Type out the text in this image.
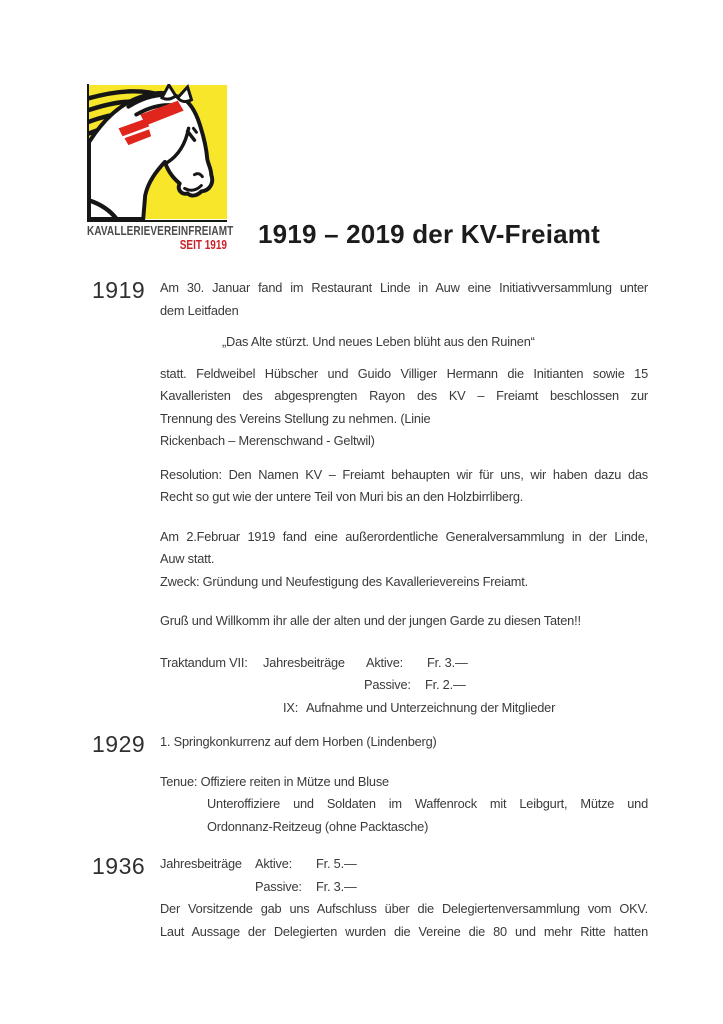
KAVALLERIEVEREIN FREIAMT
SEIT 1919 1919 – 2019 der KV-Freiamt
1919	Am 30. Januar fand im Restaurant Linde in Auw eine Initiativversammlung unter
dem Leitfaden
„Das Alte stürzt. Und neues Leben blüht aus den Ruinen“
statt. Feldweibel Hübscher und Guido Villiger Hermann die Initianten sowie 15
Kavalleristen des abgesprengten Rayon des KV – Freiamt beschlossen zur
Trennung des Vereins Stellung zu nehmen. (Linie
Rickenbach – Merenschwand - Geltwil)
Resolution: Den Namen KV – Freiamt behaupten wir für uns, wir haben dazu das
Recht so gut wie der untere Teil von Muri bis an den Holzbirrliberg.
Am 2.Februar 1919 fand eine außerordentliche Generalversammlung in der Linde,
Auw statt.
Zweck: Gründung und Neufestigung des Kavallerievereins Freiamt.
Gruß und Willkomm ihr alle der alten und der jungen Garde zu diesen Taten!!
Traktandum VII: Jahresbeiträge Aktive: Fr. 3.—
Passive: Fr. 2.—
IX: Aufnahme und Unterzeichnung der Mitglieder
1929	1. Springkonkurrenz auf dem Horben (Lindenberg)
Tenue: Offiziere reiten in Mütze und Bluse
Unteroffiziere und Soldaten im Waffenrock mit Leibgurt, Mütze und
Ordonnanz-Reitzeug (ohne Packtasche)
1936	Jahresbeiträge Aktive: Fr. 5.—
Passive: Fr. 3.—
Der Vorsitzende gab uns Aufschluss über die Delegiertenversammlung vom OKV.
Laut Aussage der Delegierten wurden die Vereine die 80 und mehr Ritte hatten
